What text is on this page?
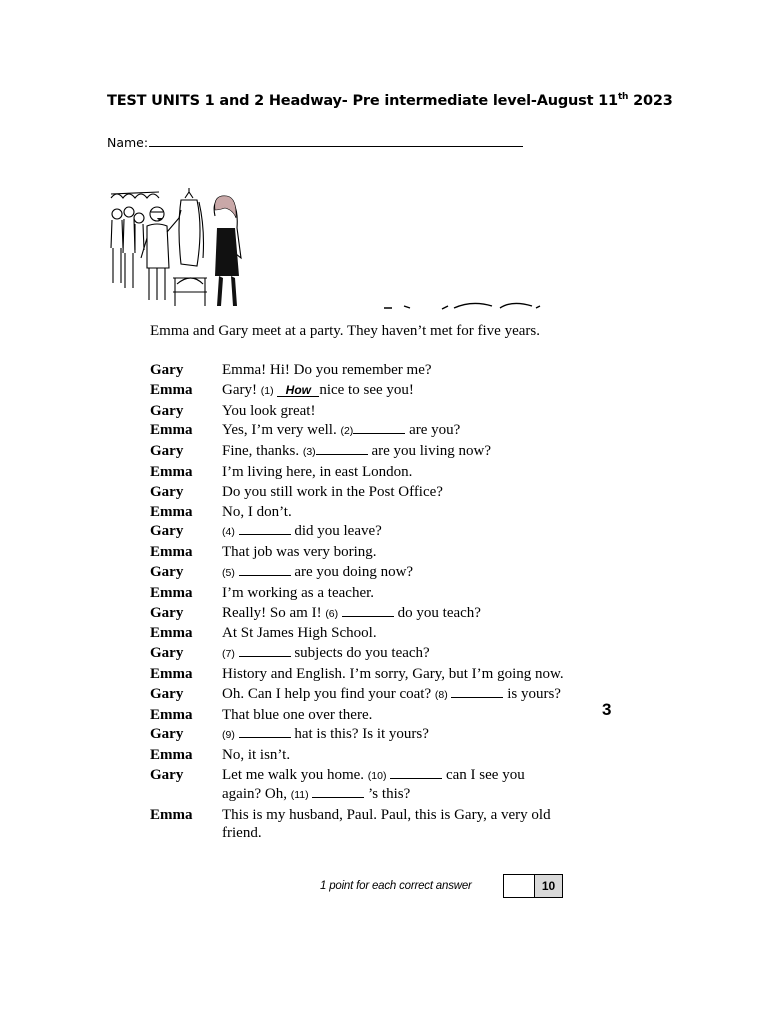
TEST UNITS 1 and 2 Headway- Pre intermediate level-August 11th 2023
Name:
Emma and Gary meet at a party. They haven’t met for five years.
Gary	Emma! Hi! Do you remember me?
Emma	Gary! (1) How nice to see you!
Gary	You look great!
Emma	Yes, I’m very well. (2)	are you?
Gary	Fine, thanks. (3)	are you living now?
Emma	I’m living here, in east London.
Gary	Do you still work in the Post Office?
Emma	No, I don’t.
Gary	(4)	did you leave?
Emma	That job was very boring.
Gary	(5)	are you doing now?
Emma	I’m working as a teacher.
Gary	Really! So am I! (6)	do you teach?
Emma	At St James High School.
Gary	(7)	subjects do you teach?
Emma	History and English. I’m sorry, Gary, but I’m going now.
Gary	Oh. Can I help you find your coat? (8)	is yours?
Emma	That blue one over there.
Gary	(9)	hat is this? Is it yours?
Emma	No, it isn’t.
Gary	Let me walk you home. (10)	can I see you again? Oh, (11)	’s this?
Emma	This is my husband, Paul. Paul, this is Gary, a very old friend.
3
1 point for each correct answer	10
